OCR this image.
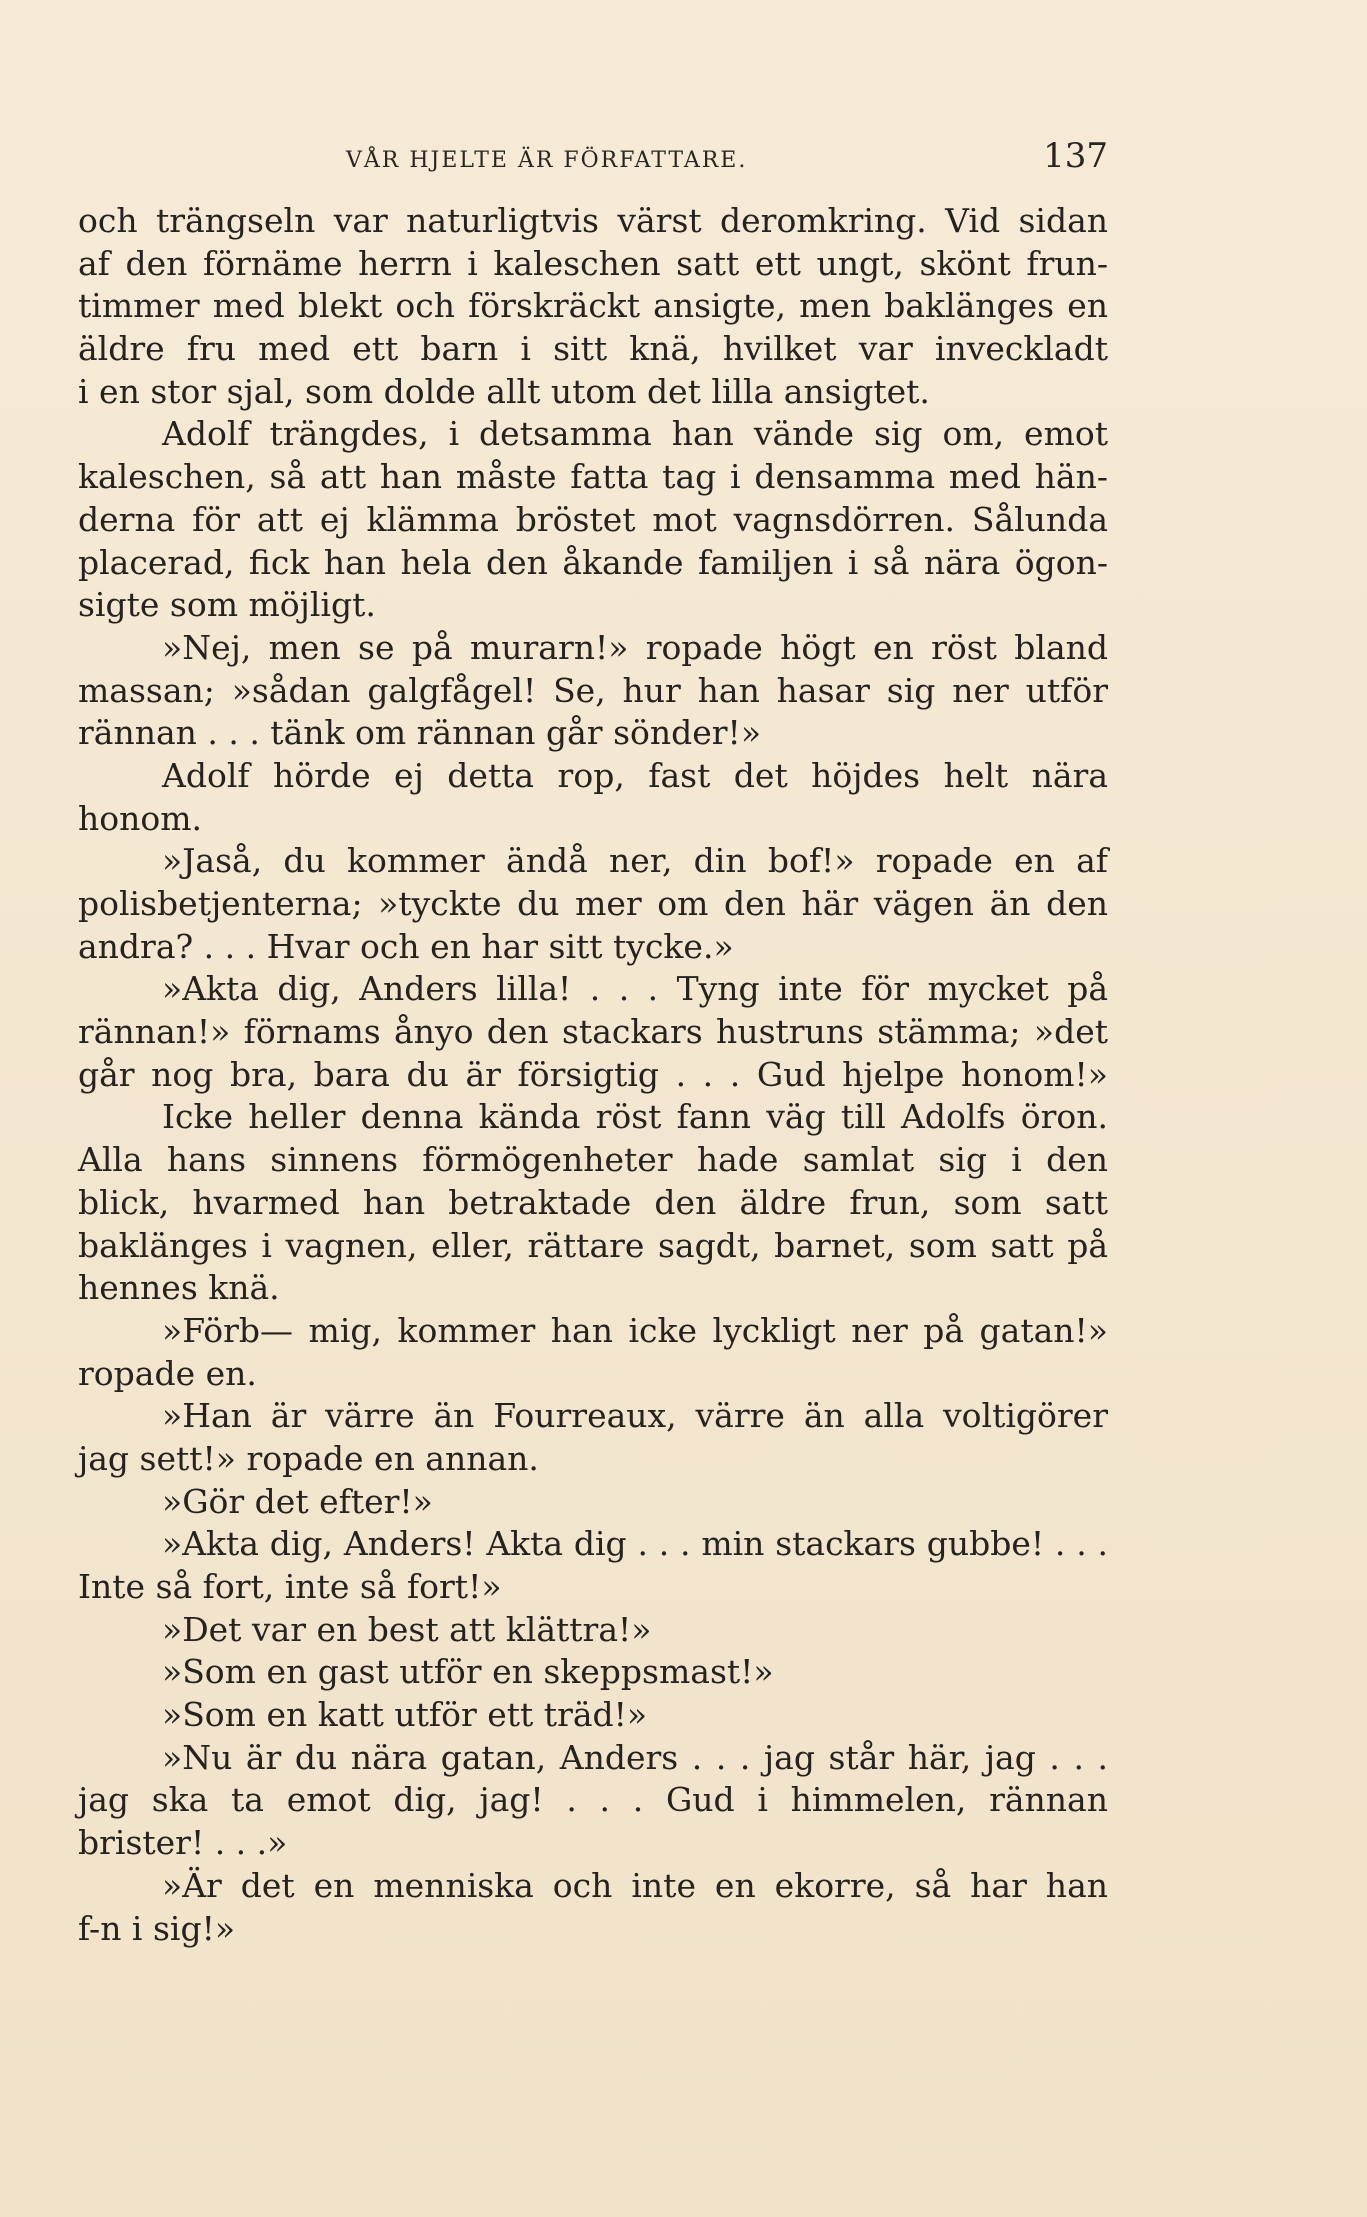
VÅR HJELTE ÄR FÖRFATTARE.	137
och trängseln var naturligtvis värst deromkring. Vid sidan
af den förnäme herrn i kaleschen satt ett ungt, skönt frun-
timmer med blekt och förskräckt ansigte, men baklänges en
äldre fru med ett barn i sitt knä, hvilket var inveckladt
i en stor sjal, som dolde allt utom det lilla ansigtet.
Adolf trängdes, i detsamma han vände sig om, emot
kaleschen, så att han måste fatta tag i densamma med hän-
derna för att ej klämma bröstet mot vagnsdörren. Sålunda
placerad, fick han hela den åkande familjen i så nära ögon-
sigte som möjligt.
»Nej, men se på murarn!» ropade högt en röst bland
massan; »sådan galgfågel! Se, hur han hasar sig ner utför
rännan . . . tänk om rännan går sönder!»
Adolf hörde ej detta rop, fast det höjdes helt nära
honom.
»Jaså, du kommer ändå ner, din bof!» ropade en af
polisbetjenterna; »tyckte du mer om den här vägen än den
andra? . . . Hvar och en har sitt tycke.»
»Akta dig, Anders lilla! . . . Tyng inte för mycket på
rännan!» förnams ånyo den stackars hustruns stämma; »det
går nog bra, bara du är försigtig . . . Gud hjelpe honom!»
Icke heller denna kända röst fann väg till Adolfs öron.
Alla hans sinnens förmögenheter hade samlat sig i den
blick, hvarmed han betraktade den äldre frun, som satt
baklänges i vagnen, eller, rättare sagdt, barnet, som satt på
hennes knä.
»Förb— mig, kommer han icke lyckligt ner på gatan!»
ropade en.
»Han är värre än Fourreaux, värre än alla voltigörer
jag sett!» ropade en annan.
»Gör det efter!»
»Akta dig, Anders! Akta dig . . . min stackars gubbe! . . .
Inte så fort, inte så fort!»
»Det var en best att klättra!»
»Som en gast utför en skeppsmast!»
»Som en katt utför ett träd!»
»Nu är du nära gatan, Anders . . . jag står här, jag . . .
jag ska ta emot dig, jag! . . . Gud i himmelen, rännan
brister! . . .»
»Är det en menniska och inte en ekorre, så har han
f-n i sig!»
